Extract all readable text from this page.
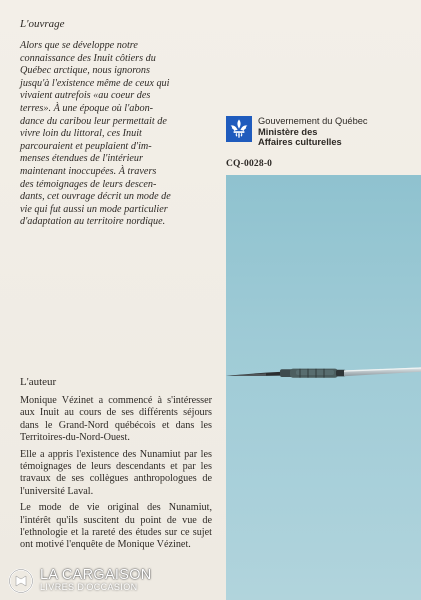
L'ouvrage
Alors que se développe notre
connaissance des Inuit côtiers du
Québec arctique, nous ignorons
jusqu'à l'existence même de ceux qui
vivaient autrefois «au coeur des
terres». À une époque où l'abon-
dance du caribou leur permettait de
vivre loin du littoral, ces Inuit
parcouraient et peuplaient d'im-
menses étendues de l'intérieur
maintenant inoccupées. À travers
des témoignages de leurs descen-
dants, cet ouvrage décrit un mode de
vie qui fut aussi un mode particulier
d'adaptation au territoire nordique.
Gouvernement du Québec
Ministère des
Affaires culturelles
CQ-0028-0
L'auteur

Monique Vézinet a commencé à s'intéresser aux Inuit au cours de ses différents séjours dans le Grand-Nord québécois et dans les Territoires-du-Nord-Ouest.

Elle a appris l'existence des Nunamiut par les témoignages de leurs descendants et par les travaux de ses collègues anthropologues de l'université Laval.

Le mode de vie original des Nunamiut, l'intérêt qu'ils suscitent du point de vue de l'ethnologie et la rareté des études sur ce sujet ont motivé l'enquête de Monique Vézinet.

LA CARGAISON
LIVRES D'OCCASION
